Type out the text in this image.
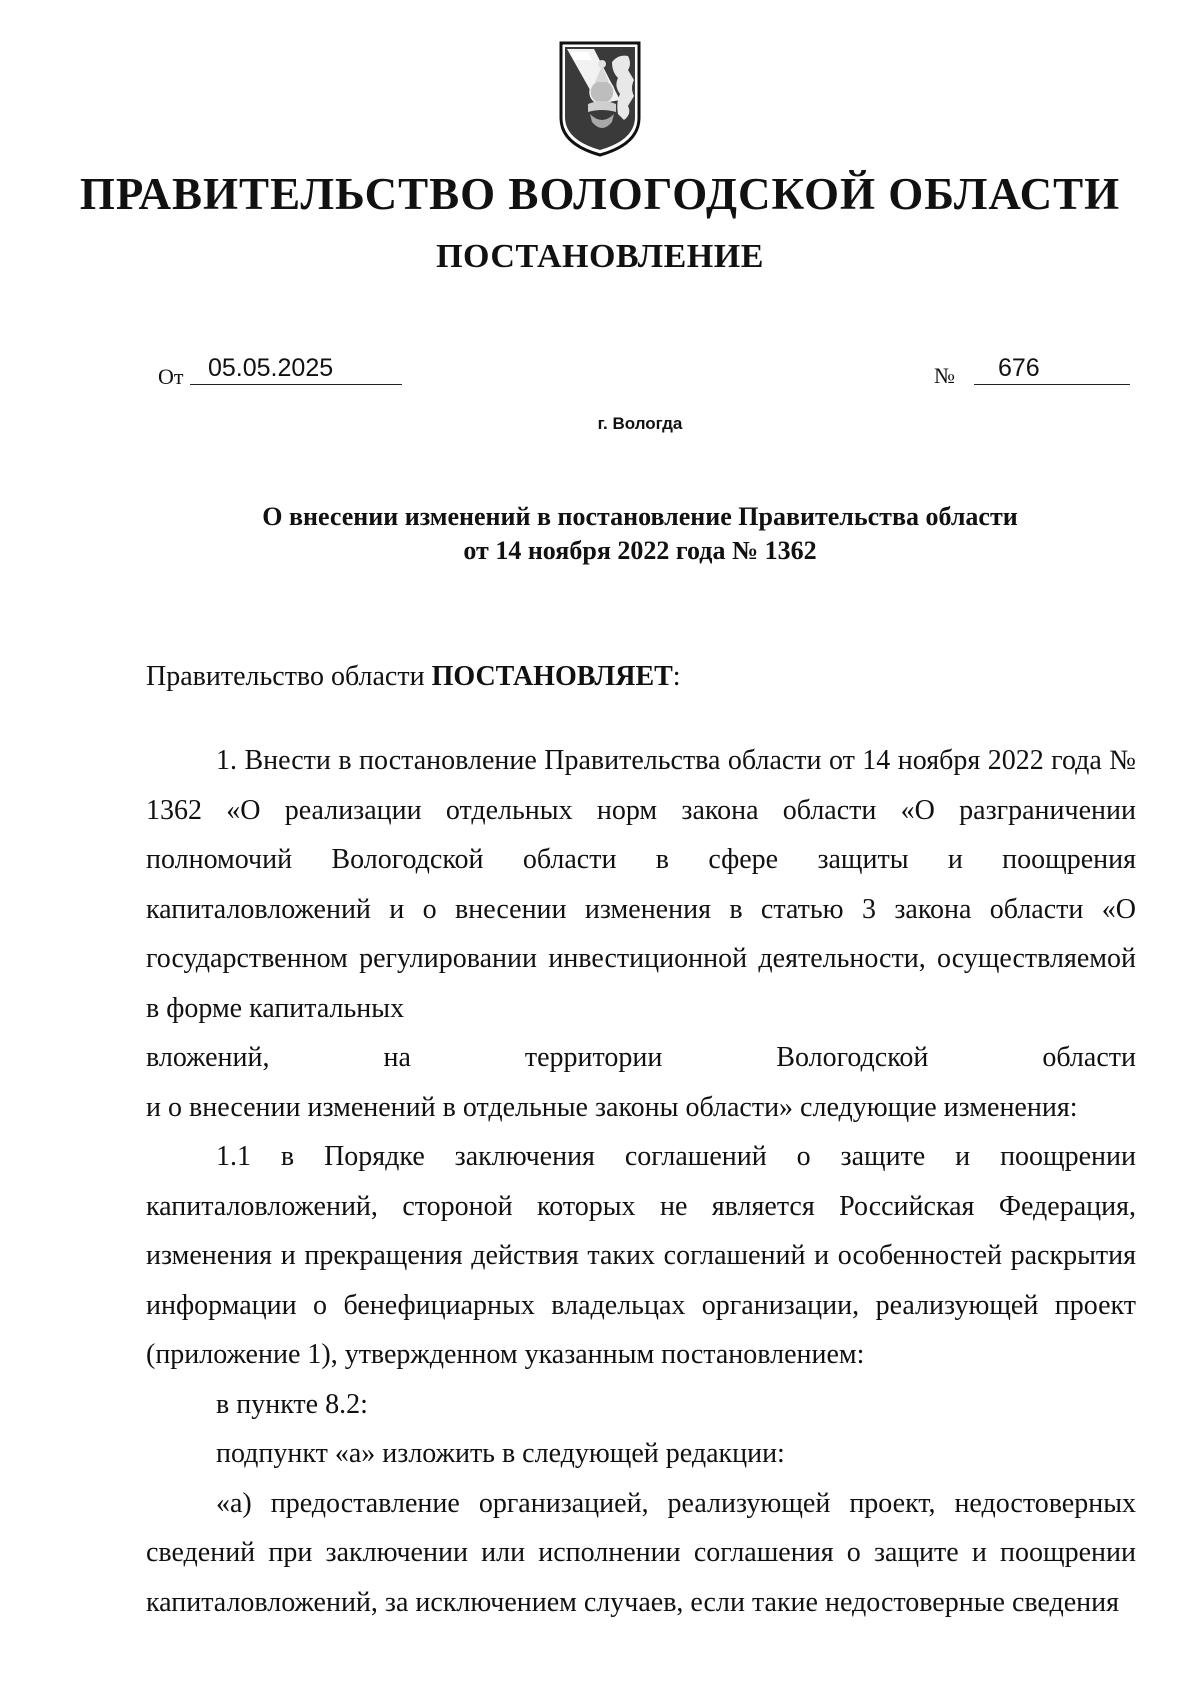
ПРАВИТЕЛЬСТВО ВОЛОГОДСКОЙ ОБЛАСТИ
ПОСТАНОВЛЕНИЕ
От 05.05.2025	№	676
г. Вологда
О внесении изменений в постановление Правительства области
от 14 ноября 2022 года № 1362
Правительство области ПОСТАНОВЛЯЕТ:

1. Внести в постановление Правительства области от 14 ноября 2022 года № 1362 «О реализации отдельных норм закона области «О разграничении полномочий Вологодской области в сфере защиты и поощрения капиталовложений и о внесении изменения в статью 3 закона области «О государственном регулировании инвестиционной деятельности, осуществляемой в форме капитальных

вложений,	на	территории	Вологодской	области

и о внесении изменений в отдельные законы области» следующие изменения:

1.1 в Порядке заключения соглашений о защите и поощрении капиталовложений, стороной которых не является Российская Федерация, изменения и прекращения действия таких соглашений и особенностей раскрытия информации о бенефициарных владельцах организации, реализующей проект (приложение 1), утвержденном указанным постановлением:

в пункте 8.2:

подпункт «а» изложить в следующей редакции:

«а) предоставление организацией, реализующей проект, недостоверных сведений при заключении или исполнении соглашения о защите и поощрении капиталовложений, за исключением случаев, если такие недостоверные сведения
